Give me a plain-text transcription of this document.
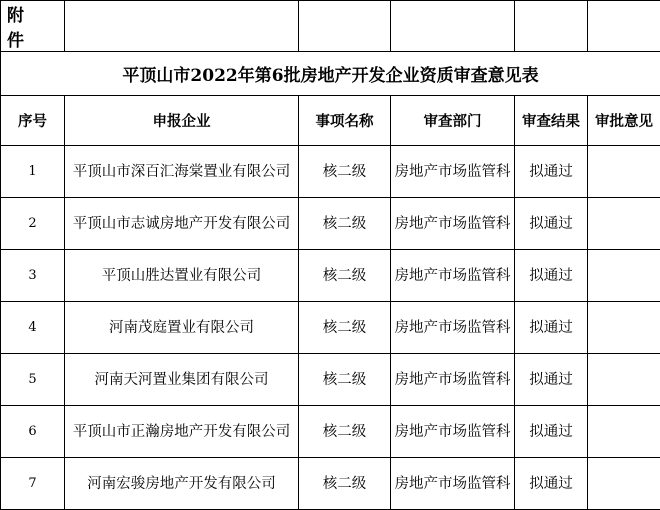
附 件					
平顶山市2022年第6批房地产开发企业资质审查意见表					
序号	申报企业	事项名称	审查部门	审查结果	审批意见
1	平顶山市深百汇海棠置业有限公司	核二级	房地产市场监管科	拟通过	
2	平顶山市志诚房地产开发有限公司	核二级	房地产市场监管科	拟通过	
3	平顶山胜达置业有限公司	核二级	房地产市场监管科	拟通过	
4	河南茂庭置业有限公司	核二级	房地产市场监管科	拟通过	
5	河南天河置业集团有限公司	核二级	房地产市场监管科	拟通过	
6	平顶山市正瀚房地产开发有限公司	核二级	房地产市场监管科	拟通过	
7	河南宏骏房地产开发有限公司	核二级	房地产市场监管科	拟通过	
